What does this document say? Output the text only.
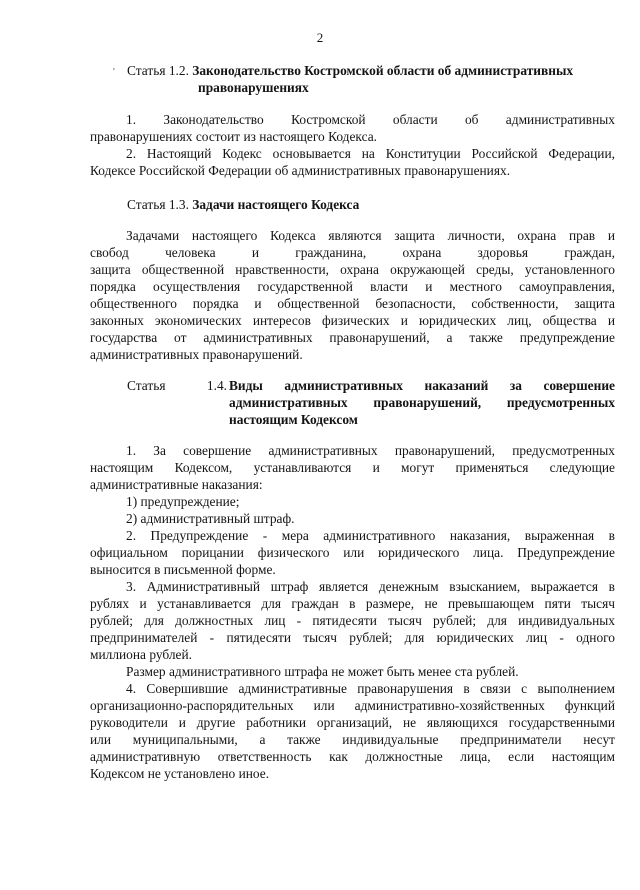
2
' Статья 1.2. Законодательство Костромской области об административных
правонарушениях
1. Законодательство Костромской области об административных
правонарушениях состоит из настоящего Кодекса.
2. Настоящий Кодекс основывается на Конституции Российской Федерации,
Кодексе Российской Федерации об административных правонарушениях.
Статья 1.3. Задачи настоящего Кодекса
Задачами настоящего Кодекса являются защита личности, охрана прав и
свобод человека и гражданина, охрана здоровья граждан,
защита общественной нравственности, охрана окружающей среды, установленного
порядка осуществления государственной власти и местного самоуправления,
общественного порядка и общественной безопасности, собственности, защита
законных экономических интересов физических и юридических лиц, общества и
государства от административных правонарушений, а также предупреждение
административных правонарушений.
Статья	1.4. Виды административных наказаний за совершение
административных правонарушений, предусмотренных
настоящим Кодексом
1. За совершение административных правонарушений, предусмотренных
настоящим Кодексом, устанавливаются и могут применяться следующие
административные наказания:
1) предупреждение;
2) административный штраф.
2. Предупреждение - мера административного наказания, выраженная в
официальном порицании физического или юридического лица. Предупреждение
выносится в письменной форме.
3. Административный штраф является денежным взысканием, выражается в
рублях и устанавливается для граждан в размере, не превышающем пяти тысяч
рублей; для должностных лиц - пятидесяти тысяч рублей; для индивидуальных
предпринимателей - пятидесяти тысяч рублей; для юридических лиц - одного
миллиона рублей.
Размер административного штрафа не может быть менее ста рублей.
4. Совершившие административные правонарушения в связи с выполнением
организационно-распорядительных или административно-хозяйственных функций
руководители и другие работники организаций, не являющихся государственными
или муниципальными, а также индивидуальные предприниматели несут
административную ответственность как должностные лица, если настоящим
Кодексом не установлено иное.
